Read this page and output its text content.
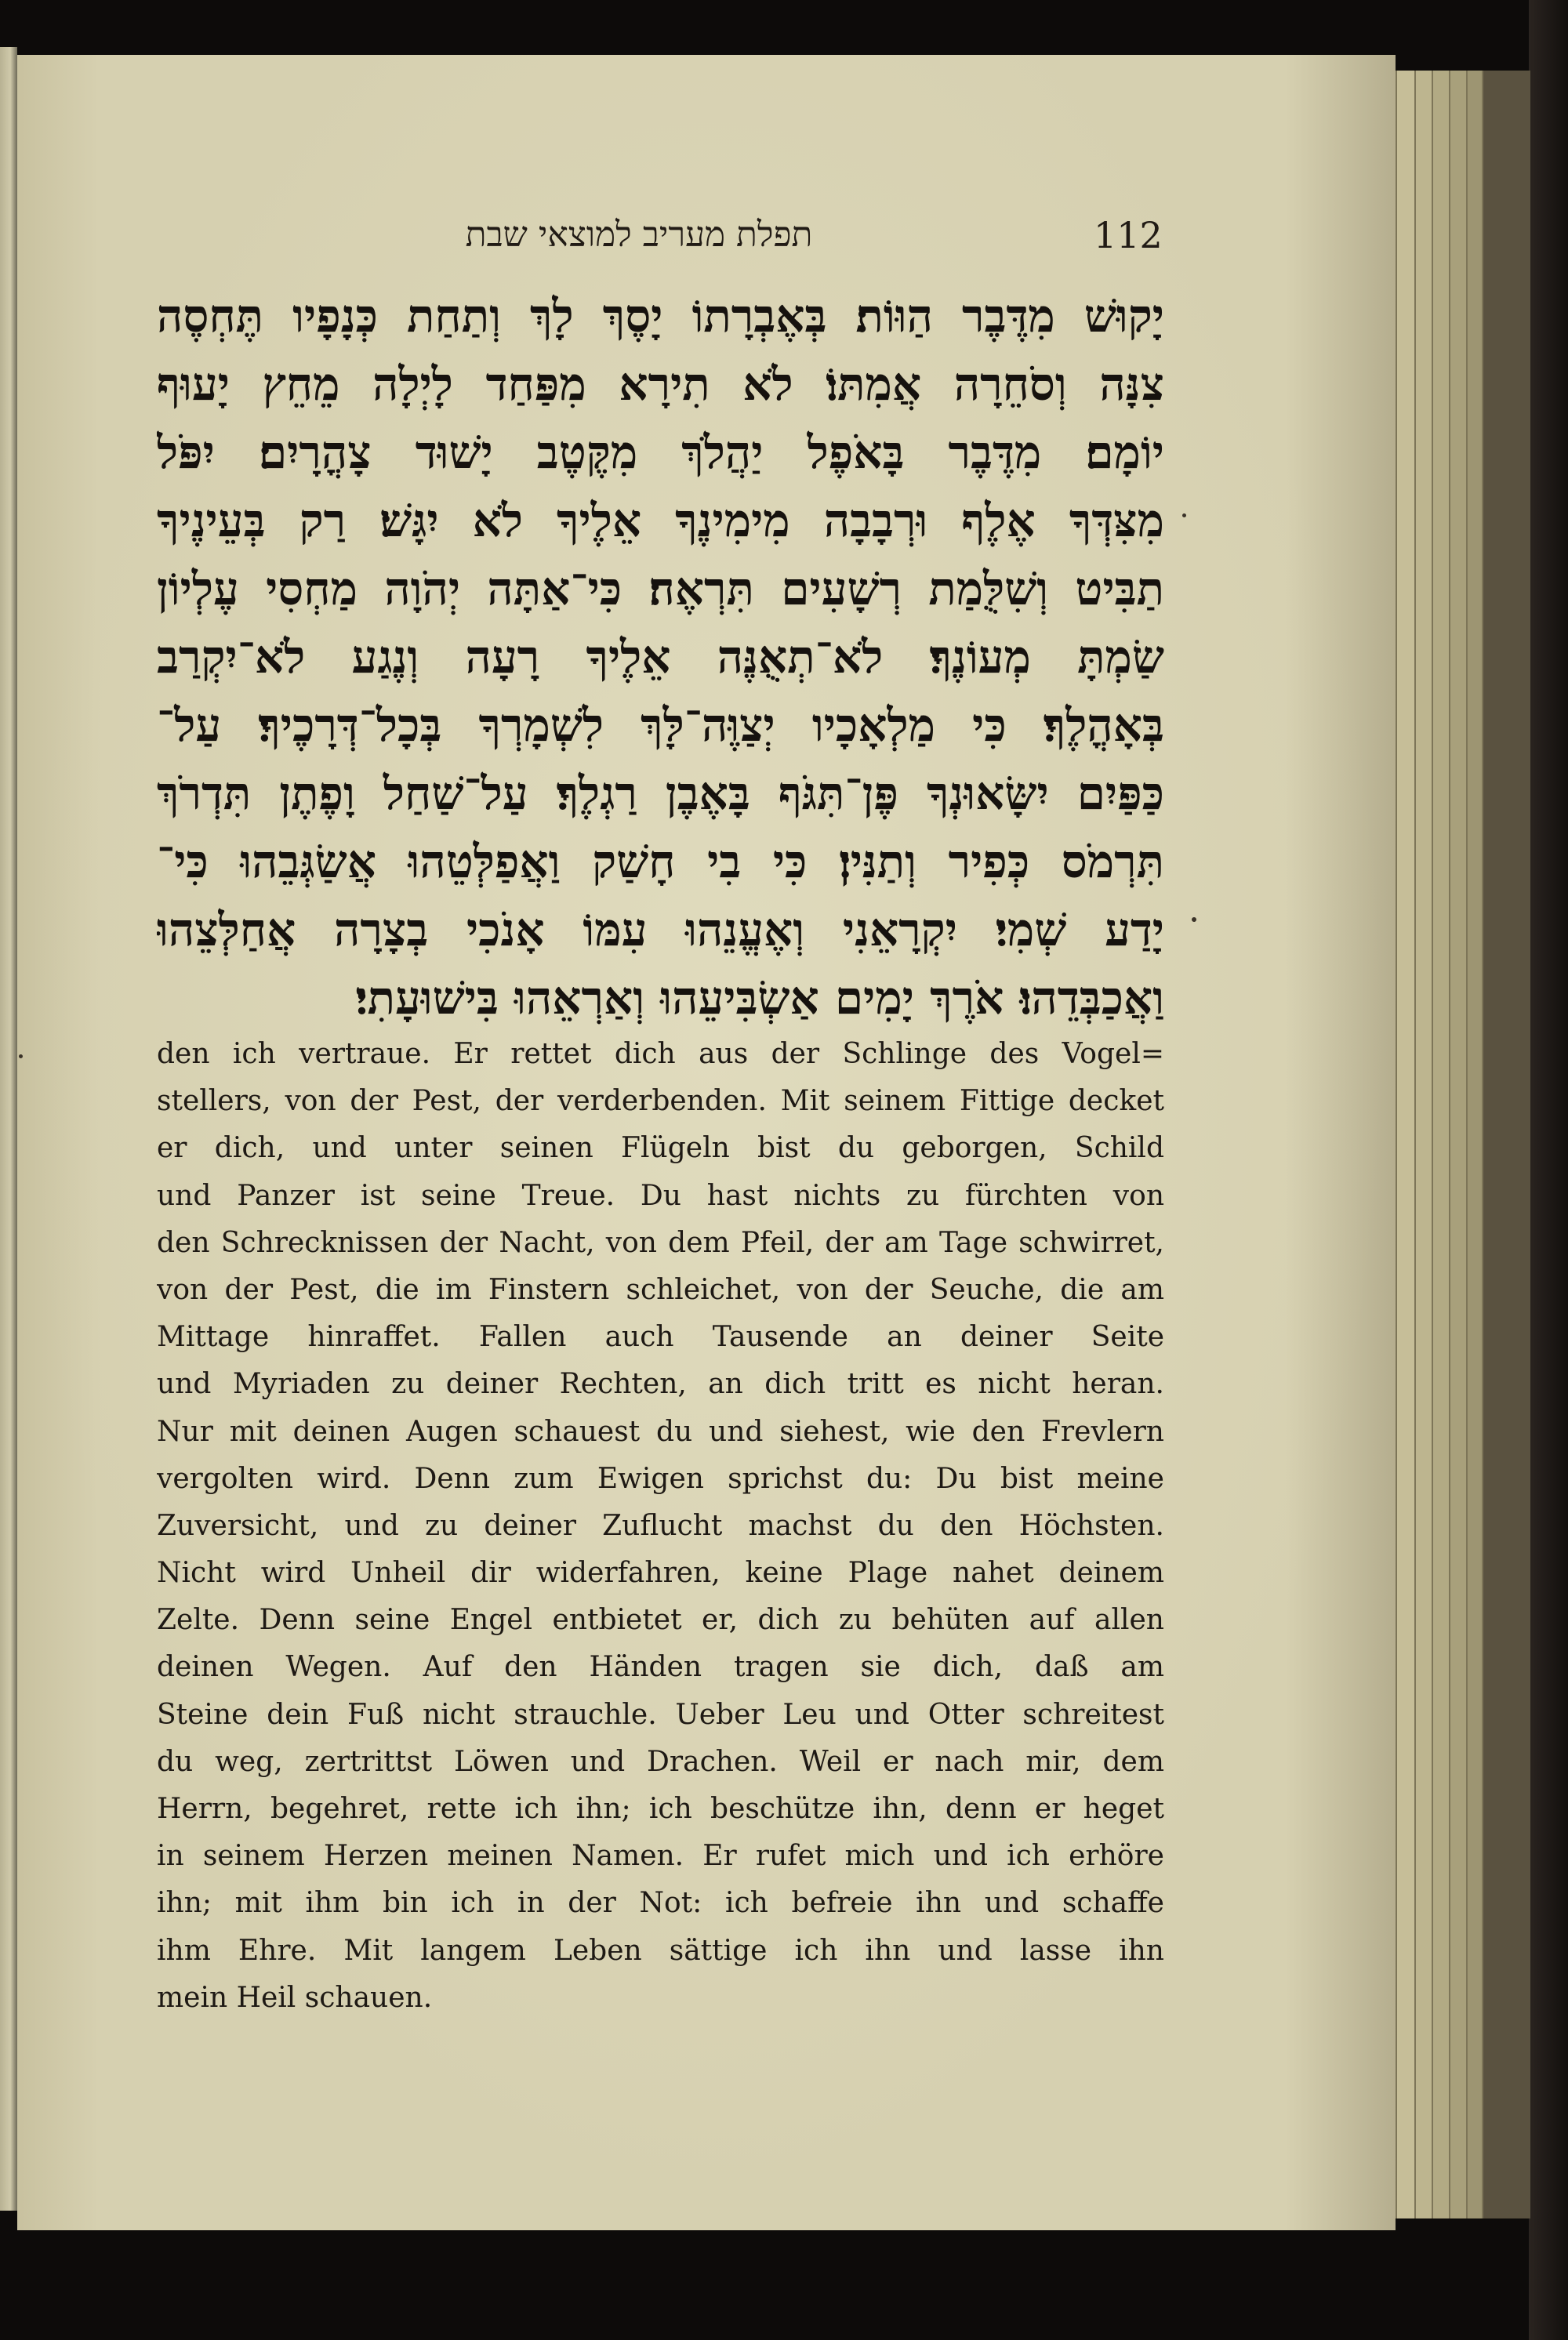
תפלת מעריב למוצאי שבת	112
יָקוּשׁ מִדֶּבֶר הַוּוֹת׃ בְּאֶבְרָתוֹ יָסֶךְ לָךְ וְתַחַת כְּנָפָיו תֶּחְסֶה
צִנָּה וְסֹחֵרָה אֲמִתּוֹ׃ לֹא תִירָא מִפַּחַד לָיְלָה מֵחֵץ יָעוּף
יוֹמָם׃ מִדֶּבֶר בָּאֹפֶל יַהֲלֹךְ מִקֶּטֶב יָשׁוּד צָהֳרָיִם׃ יִפֹּל
מִצִּדְּךָ אֶלֶף וּרְבָבָה מִימִינֶךָ אֵלֶיךָ לֹא יִגָּשׁ׃ רַק בְּעֵינֶיךָ
תַבִּיט וְשִׁלֻּמַת רְשָׁעִים תִּרְאֶה׃ כִּי־אַתָּה יְהֹוָה מַחְסִי עֶלְיוֹן
שַׂמְתָּ מְעוֹנֶךָ׃ לֹא־תְאֻנֶּה אֵלֶיךָ רָעָה וְנֶגַע לֹא־יִקְרַב
בְּאָהֳלֶךָ׃ כִּי מַלְאָכָיו יְצַוֶּה־לָּךְ לִשְׁמָרְךָ בְּכָל־דְּרָכֶיךָ׃ עַל־
כַּפַּיִם יִשָּׂאוּנְךָ פֶּן־תִּגֹּף בָּאֶבֶן רַגְלֶךָ׃ עַל־שַׁחַל וָפֶתֶן תִּדְרֹךְ
תִּרְמֹס כְּפִיר וְתַנִּין׃ כִּי בִי חָשַׁק וַאֲפַלְּטֵהוּ אֲשַׂגְּבֵהוּ כִּי־
יָדַע שְׁמִי׃ יִקְרָאֵנִי וְאֶעֱנֵהוּ עִמּוֹ אָנֹכִי בְצָרָה אֲחַלְּצֵהוּ
וַאֲכַבְּדֵהוּ׃ אֹרֶךְ יָמִים אַשְׂבִּיעֵהוּ וְאַרְאֵהוּ בִּישׁוּעָתִי׃
den ich vertraue. Er rettet dich aus der Schlinge des Vogel=
stellers, von der Pest, der verderbenden. Mit seinem Fittige decket
er dich, und unter seinen Flügeln bist du geborgen, Schild
und Panzer ist seine Treue. Du hast nichts zu fürchten von
den Schrecknissen der Nacht, von dem Pfeil, der am Tage schwirret,
von der Pest, die im Finstern schleichet, von der Seuche, die am
Mittage hinraffet. Fallen auch Tausende an deiner Seite
und Myriaden zu deiner Rechten, an dich tritt es nicht heran.
Nur mit deinen Augen schauest du und siehest, wie den Frevlern
vergolten wird. Denn zum Ewigen sprichst du: Du bist meine
Zuversicht, und zu deiner Zuflucht machst du den Höchsten.
Nicht wird Unheil dir widerfahren, keine Plage nahet deinem
Zelte. Denn seine Engel entbietet er, dich zu behüten auf allen
deinen Wegen. Auf den Händen tragen sie dich, daß am
Steine dein Fuß nicht strauchle. Ueber Leu und Otter schreitest
du weg, zertrittst Löwen und Drachen. Weil er nach mir, dem
Herrn, begehret, rette ich ihn; ich beschütze ihn, denn er heget
in seinem Herzen meinen Namen. Er rufet mich und ich erhöre
ihn; mit ihm bin ich in der Not: ich befreie ihn und schaffe
ihm Ehre. Mit langem Leben sättige ich ihn und lasse ihn
mein Heil schauen.
